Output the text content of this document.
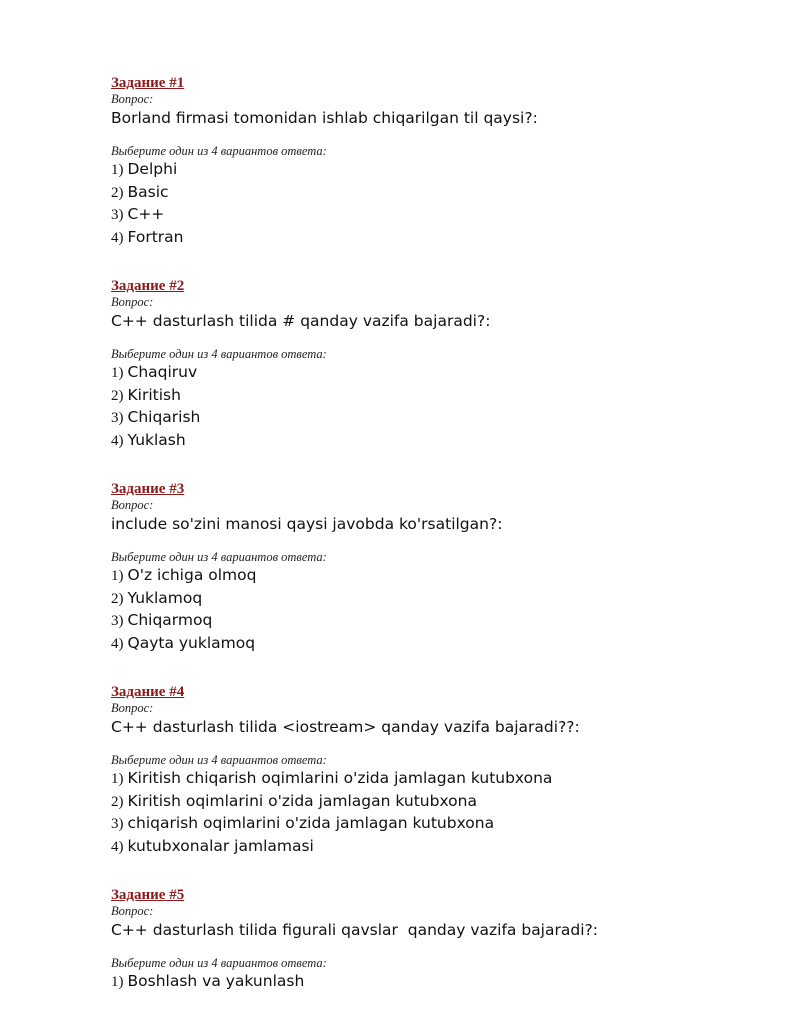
Задание #1
Вопрос:
Borland firmasi tomonidan ishlab chiqarilgan til qaysi?:
Выберите один из 4 вариантов ответа:
1) Delphi
2) Basic
3) C++
4) Fortran
Задание #2
Вопрос:
C++ dasturlash tilida # qanday vazifa bajaradi?:
Выберите один из 4 вариантов ответа:
1) Chaqiruv
2) Kiritish
3) Chiqarish
4) Yuklash
Задание #3
Вопрос:
include so'zini manosi qaysi javobda ko'rsatilgan?:
Выберите один из 4 вариантов ответа:
1) O'z ichiga olmoq
2) Yuklamoq
3) Chiqarmoq
4) Qayta yuklamoq
Задание #4
Вопрос:
C++ dasturlash tilida <iostream> qanday vazifa bajaradi??:
Выберите один из 4 вариантов ответа:
1) Kiritish chiqarish oqimlarini o'zida jamlagan kutubxona
2) Kiritish oqimlarini o'zida jamlagan kutubxona
3) chiqarish oqimlarini o'zida jamlagan kutubxona
4) kutubxonalar jamlamasi
Задание #5
Вопрос:
C++ dasturlash tilida figurali qavslar  qanday vazifa bajaradi?:
Выберите один из 4 вариантов ответа:
1) Boshlash va yakunlash
